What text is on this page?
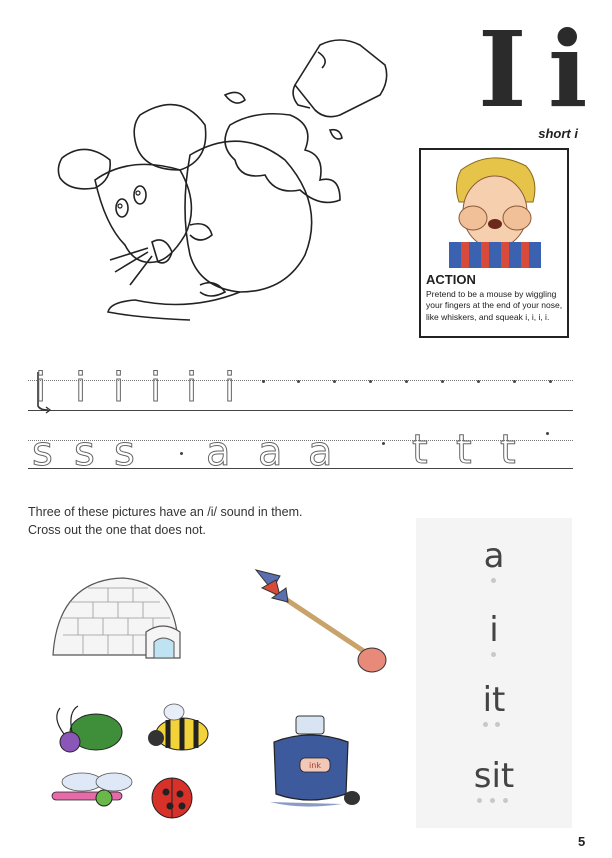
I i
short i
ACTION
Pretend to be a mouse by wiggling your fingers at the end of your nose, like whiskers, and squeak i, i, i, i.
i i i i i i
s s s a a a t t t
Three of these pictures have an /i/ sound in them.
Cross out the one that does not.
ink
a
i
it
sit
5
